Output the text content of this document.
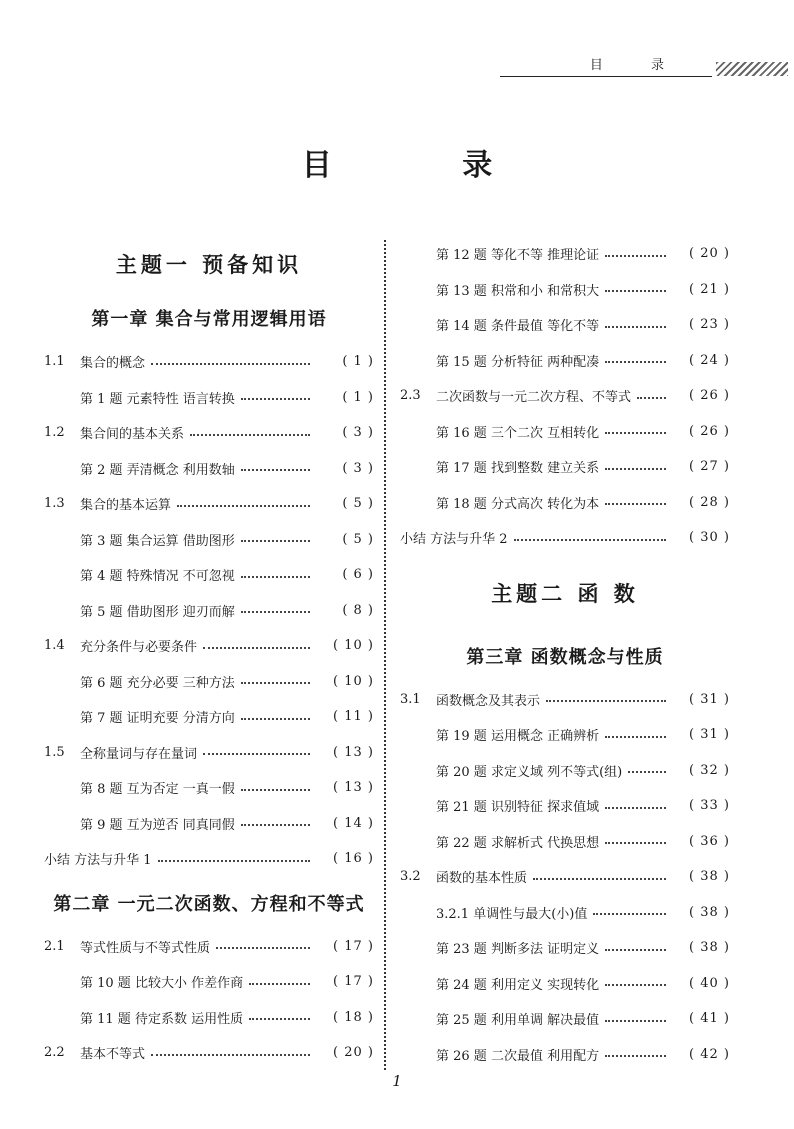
目 录
目 录
主题一 预备知识
第一章 集合与常用逻辑用语
1.1	集合的概念	( 1 )
第 1 题 元素特性 语言转换	( 1 )
1.2	集合间的基本关系	( 3 )
第 2 题 弄清概念 利用数轴	( 3 )
1.3	集合的基本运算	( 5 )
第 3 题 集合运算 借助图形	( 5 )
第 4 题 特殊情况 不可忽视	( 6 )
第 5 题 借助图形 迎刃而解	( 8 )
1.4	充分条件与必要条件	( 10 )
第 6 题 充分必要 三种方法	( 10 )
第 7 题 证明充要 分清方向	( 11 )
1.5	全称量词与存在量词	( 13 )
第 8 题 互为否定 一真一假	( 13 )
第 9 题 互为逆否 同真同假	( 14 )
小结 方法与升华 1	( 16 )
第二章 一元二次函数、方程和不等式
2.1	等式性质与不等式性质	( 17 )
第 10 题 比较大小 作差作商	( 17 )
第 11 题 待定系数 运用性质	( 18 )
2.2	基本不等式	( 20 )
第 12 题 等化不等 推理论证	( 20 )
第 13 题 积常和小 和常积大	( 21 )
第 14 题 条件最值 等化不等	( 23 )
第 15 题 分析特征 两种配凑	( 24 )
2.3	二次函数与一元二次方程、不等式	( 26 )
第 16 题 三个二次 互相转化	( 26 )
第 17 题 找到整数 建立关系	( 27 )
第 18 题 分式高次 转化为本	( 28 )
小结 方法与升华 2	( 30 )
主题二 函 数
第三章 函数概念与性质
3.1	函数概念及其表示	( 31 )
第 19 题 运用概念 正确辨析	( 31 )
第 20 题 求定义域 列不等式(组)	( 32 )
第 21 题 识别特征 探求值域	( 33 )
第 22 题 求解析式 代换思想	( 36 )
3.2	函数的基本性质	( 38 )
3.2.1 单调性与最大(小)值	( 38 )
第 23 题 判断多法 证明定义	( 38 )
第 24 题 利用定义 实现转化	( 40 )
第 25 题 利用单调 解决最值	( 41 )
第 26 题 二次最值 利用配方	( 42 )
1
